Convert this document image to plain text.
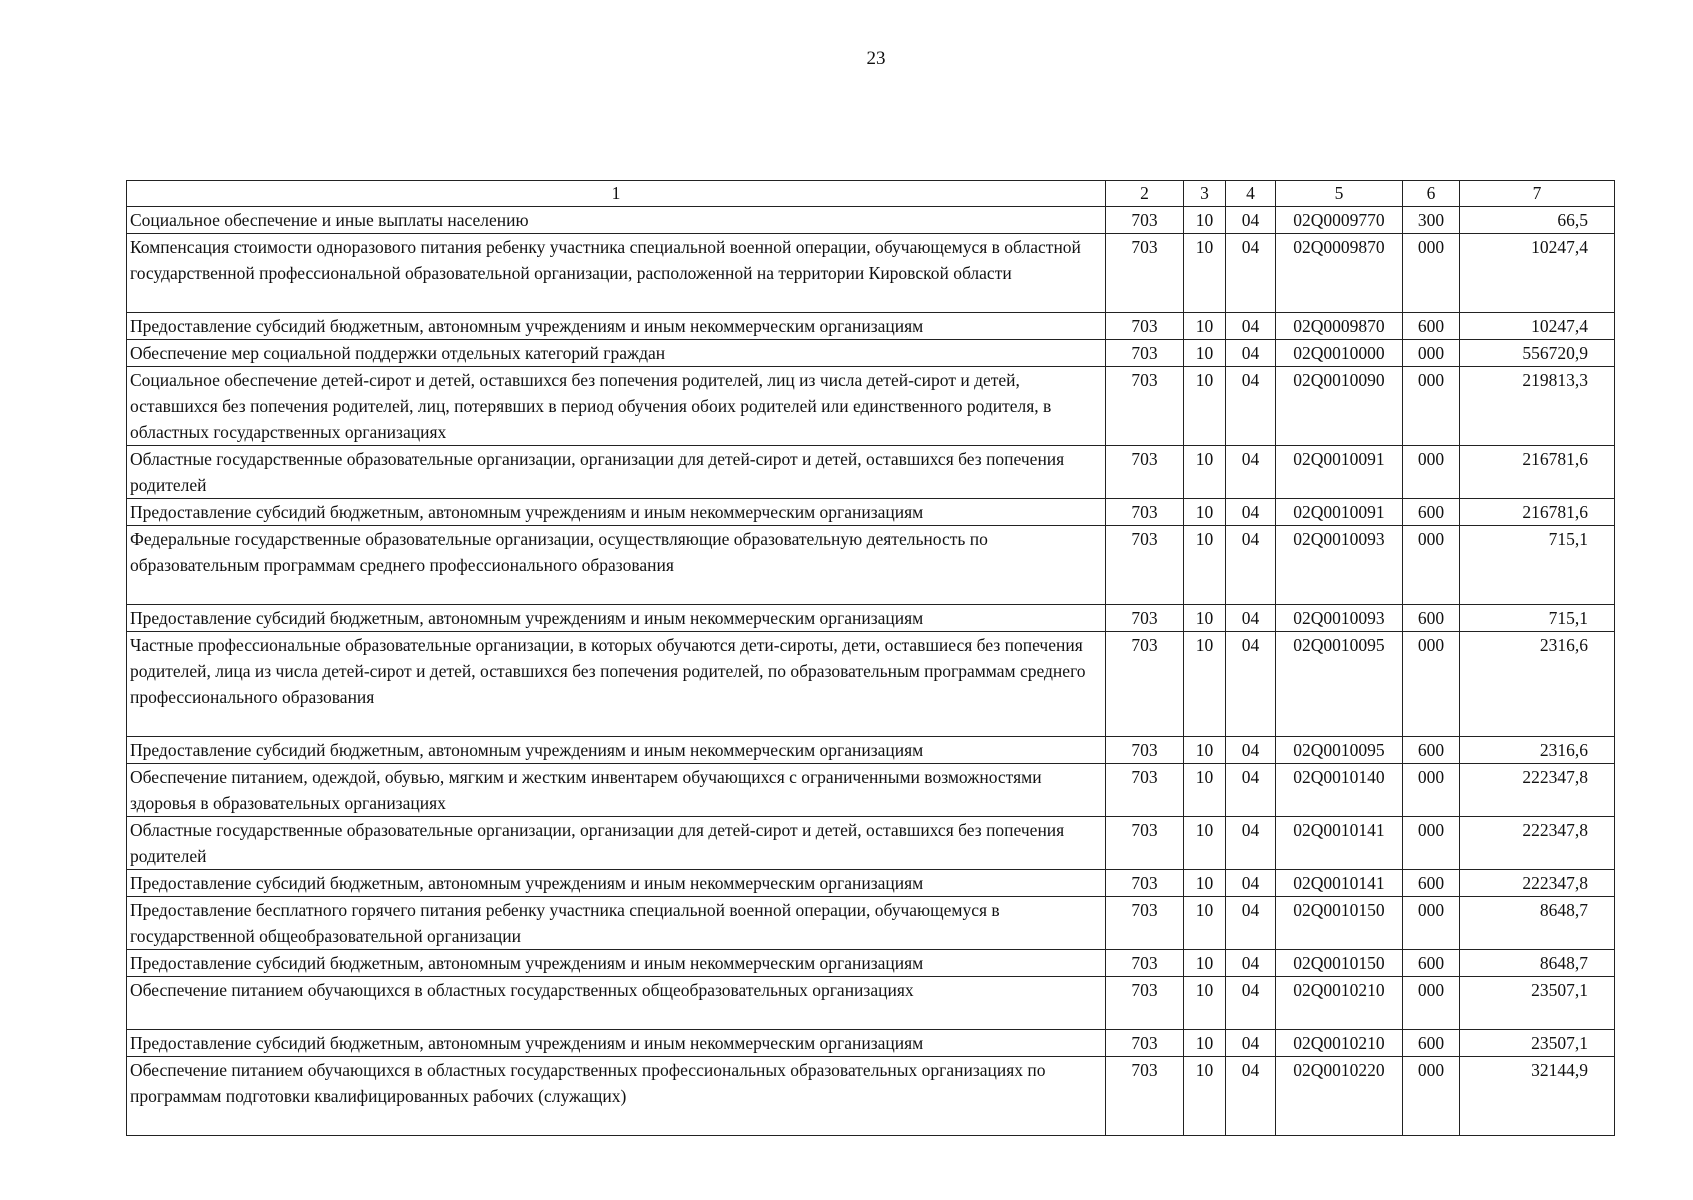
23
1	2	3	4	5	6	7
Социальное обеспечение и иные выплаты населению	703	10	04	02Q0009770	300	66,5
Компенсация стоимости одноразового питания ребенку участника специальной военной операции, обучающемуся в областной государственной профессиональной образовательной организации, расположенной на территории Кировской области	703	10	04	02Q0009870	000	10247,4
Предоставление субсидий бюджетным, автономным учреждениям и иным некоммерческим организациям	703	10	04	02Q0009870	600	10247,4
Обеспечение мер социальной поддержки отдельных категорий граждан	703	10	04	02Q0010000	000	556720,9
Социальное обеспечение детей-сирот и детей, оставшихся без попечения родителей, лиц из числа детей-сирот и детей, оставшихся без попечения родителей, лиц, потерявших в период обучения обоих родителей или единственного родителя, в областных государственных организациях	703	10	04	02Q0010090	000	219813,3
Областные государственные образовательные организации, организации для детей-сирот и детей, оставшихся без попечения родителей	703	10	04	02Q0010091	000	216781,6
Предоставление субсидий бюджетным, автономным учреждениям и иным некоммерческим организациям	703	10	04	02Q0010091	600	216781,6
Федеральные государственные образовательные организации, осуществляющие образовательную деятельность по образовательным программам среднего профессионального образования	703	10	04	02Q0010093	000	715,1
Предоставление субсидий бюджетным, автономным учреждениям и иным некоммерческим организациям	703	10	04	02Q0010093	600	715,1
Частные профессиональные образовательные организации, в которых обучаются дети-сироты, дети, оставшиеся без попечения родителей, лица из числа детей-сирот и детей, оставшихся без попечения родителей, по образовательным программам среднего профессионального образования	703	10	04	02Q0010095	000	2316,6
Предоставление субсидий бюджетным, автономным учреждениям и иным некоммерческим организациям	703	10	04	02Q0010095	600	2316,6
Обеспечение питанием, одеждой, обувью, мягким и жестким инвентарем обучающихся с ограниченными возможностями здоровья в образовательных организациях	703	10	04	02Q0010140	000	222347,8
Областные государственные образовательные организации, организации для детей-сирот и детей, оставшихся без попечения родителей	703	10	04	02Q0010141	000	222347,8
Предоставление субсидий бюджетным, автономным учреждениям и иным некоммерческим организациям	703	10	04	02Q0010141	600	222347,8
Предоставление бесплатного горячего питания ребенку участника специальной военной операции, обучающемуся в государственной общеобразовательной организации	703	10	04	02Q0010150	000	8648,7
Предоставление субсидий бюджетным, автономным учреждениям и иным некоммерческим организациям	703	10	04	02Q0010150	600	8648,7
Обеспечение питанием обучающихся в областных государственных общеобразовательных организациях	703	10	04	02Q0010210	000	23507,1
Предоставление субсидий бюджетным, автономным учреждениям и иным некоммерческим организациям	703	10	04	02Q0010210	600	23507,1
Обеспечение питанием обучающихся в областных государственных профессиональных образовательных организациях по программам подготовки квалифицированных рабочих (служащих)	703	10	04	02Q0010220	000	32144,9
